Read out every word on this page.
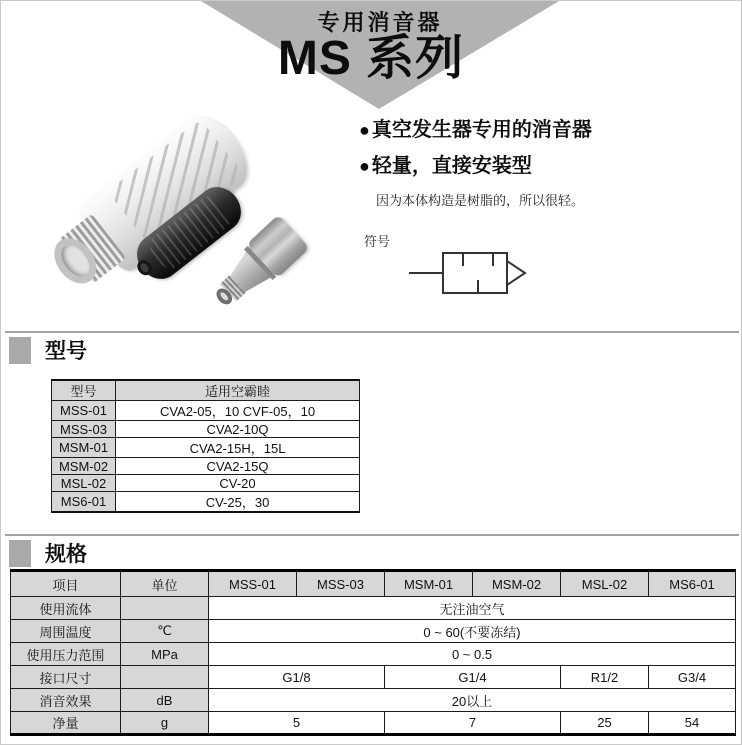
专用消音器
MS 系列
● 真空发生器专用的消音器
● 轻量，直接安装型
因为本体构造是树脂的，所以很轻。
符号
型号
型号	适用空霸睦
MSS-01	CVA2-05，10 CVF-05，10
MSS-03	CVA2-10Q
MSM-01	CVA2-15H，15L
MSM-02	CVA2-15Q
MSL-02	CV-20
MS6-01	CV-25，30
规格
项目	单位	MSS-01	MSS-03	MSM-01	MSM-02	MSL-02	MS6-01
使用流体		无注油空气					
周围温度	℃	0 ~ 60(不要冻结)					
使用压力范围	MPa	0 ~ 0.5					
接口尺寸		G1/8		G1/4		R1/2	G3/4
消音效果	dB	20以上					
净量	g	5		7		25	54
